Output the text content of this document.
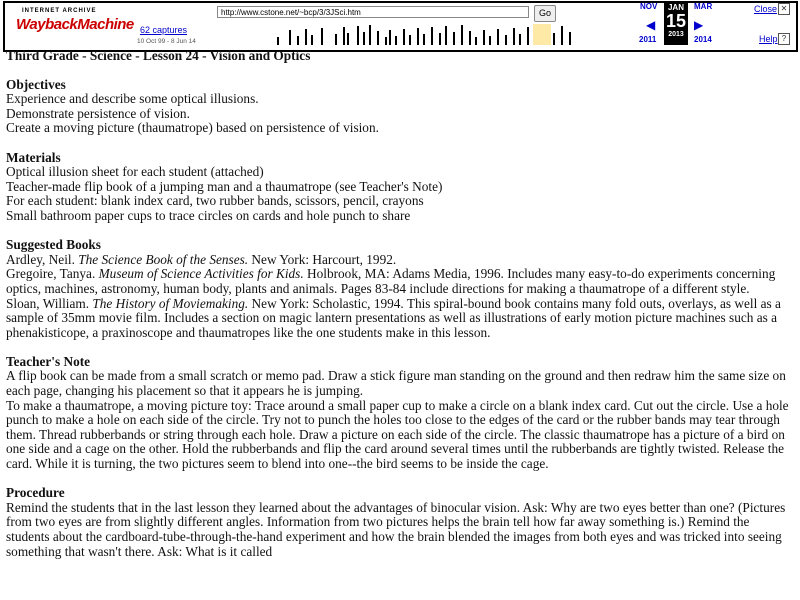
INTERNET ARCHIVE
WaybackMachine 62 captures
10 Oct 99 - 8 Jun 14
http://www.cstone.net/~bcp/3/3JSci.htm	Go
NOV
◀
2011
JAN
15
2013
MAR
▶
2014
Close ✕
Help ?
Third Grade - Science - Lesson 24 - Vision and Optics
Objectives

Experience and describe some optical illusions.

Demonstrate persistence of vision.

Create a moving picture (thaumatrope) based on persistence of vision.

Materials

Optical illusion sheet for each student (attached)

Teacher-made flip book of a jumping man and a thaumatrope (see Teacher's Note)

For each student: blank index card, two rubber bands, scissors, pencil, crayons

Small bathroom paper cups to trace circles on cards and hole punch to share

Suggested Books

Ardley, Neil. The Science Book of the Senses. New York: Harcourt, 1992.

Gregoire, Tanya. Museum of Science Activities for Kids. Holbrook, MA: Adams Media, 1996. Includes many easy-to-do experiments concerning optics, machines, astronomy, human body, plants and animals. Pages 83-84 include directions for making a thaumatrope of a different style.

Sloan, William. The History of Moviemaking. New York: Scholastic, 1994. This spiral-bound book contains many fold outs, overlays, as well as a sample of 35mm movie film. Includes a section on magic lantern presentations as well as illustrations of early motion picture machines such as a phenakisticope, a praxinoscope and thaumatropes like the one students make in this lesson.

Teacher's Note

A flip book can be made from a small scratch or memo pad. Draw a stick figure man standing on the ground and then redraw him the same size on each page, changing his placement so that it appears he is jumping.

To make a thaumatrope, a moving picture toy: Trace around a small paper cup to make a circle on a blank index card. Cut out the circle. Use a hole punch to make a hole on each side of the circle. Try not to punch the holes too close to the edges of the card or the rubber bands may tear through them. Thread rubberbands or string through each hole. Draw a picture on each side of the circle. The classic thaumatrope has a picture of a bird on one side and a cage on the other. Hold the rubberbands and flip the card around several times until the rubberbands are tightly twisted. Release the card. While it is turning, the two pictures seem to blend into one--the bird seems to be inside the cage.

Procedure

Remind the students that in the last lesson they learned about the advantages of binocular vision. Ask: Why are two eyes better than one? (Pictures from two eyes are from slightly different angles. Information from two pictures helps the brain tell how far away something is.) Remind the students about the cardboard-tube-through-the-hand experiment and how the brain blended the images from both eyes and was tricked into seeing something that wasn't there. Ask: What is it called
